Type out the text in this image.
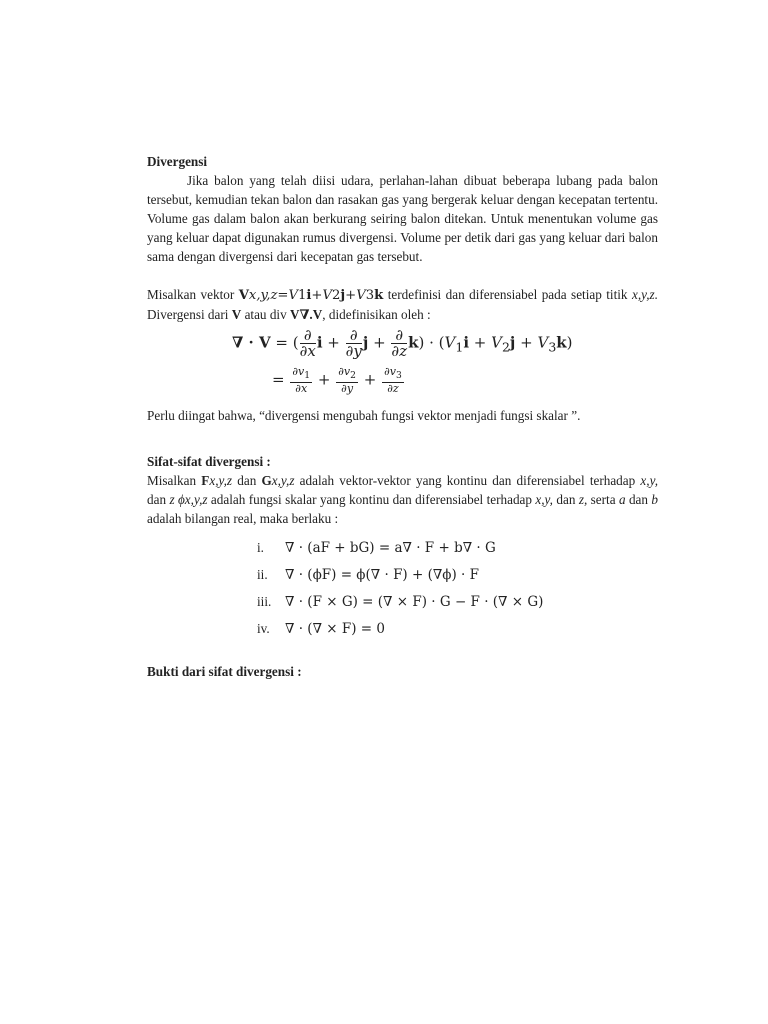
Divergensi

Jika balon yang telah diisi udara, perlahan-lahan dibuat beberapa lubang pada balon tersebut, kemudian tekan balon dan rasakan gas yang bergerak keluar dengan kecepatan tertentu. Volume gas dalam balon akan berkurang seiring balon ditekan. Untuk menentukan volume gas yang keluar dapat digunakan rumus divergensi. Volume per detik dari gas yang keluar dari balon sama dengan divergensi dari kecepatan gas tersebut.

Misalkan vektor Vx,y,z=V1i+V2j+V3k terdefinisi dan diferensiabel pada setiap titik x,y,z. Divergensi dari V atau div V∇.V, didefinisikan oleh :

∇ · V = ( $\frac{\partial}{\partial x}$ $i + \frac{\partial}{\partial y}$ $j + \frac{\partial}{\partial z} k) \cdot (V_1i + V_2j + V_3k)$
= $\frac{\partial v_1}{\partial x} + \frac{\partial v_2}{\partial y} + \frac{\partial v_3}{\partial z}$

Perlu diingat bahwa, “divergensi mengubah fungsi vektor menjadi fungsi skalar ”.

Sifat-sifat divergensi :

Misalkan Fx,y,z dan Gx,y,z adalah vektor-vektor yang kontinu dan diferensiabel terhadap x,y, dan z ϕx,y,z adalah fungsi skalar yang kontinu dan diferensiabel terhadap x,y, dan z, serta a dan b adalah bilangan real, maka berlaku :

i. ∇ · (aF + bG) = a∇ · F + b∇ · G
ii. ∇ · (ϕF) = ϕ(∇ · F) + (∇ϕ) · F
iii. ∇ · (F × G) = (∇ × F) · G − F · (∇ × G)
iv. ∇ · (∇ × F) = 0
Bukti dari sifat divergensi :
